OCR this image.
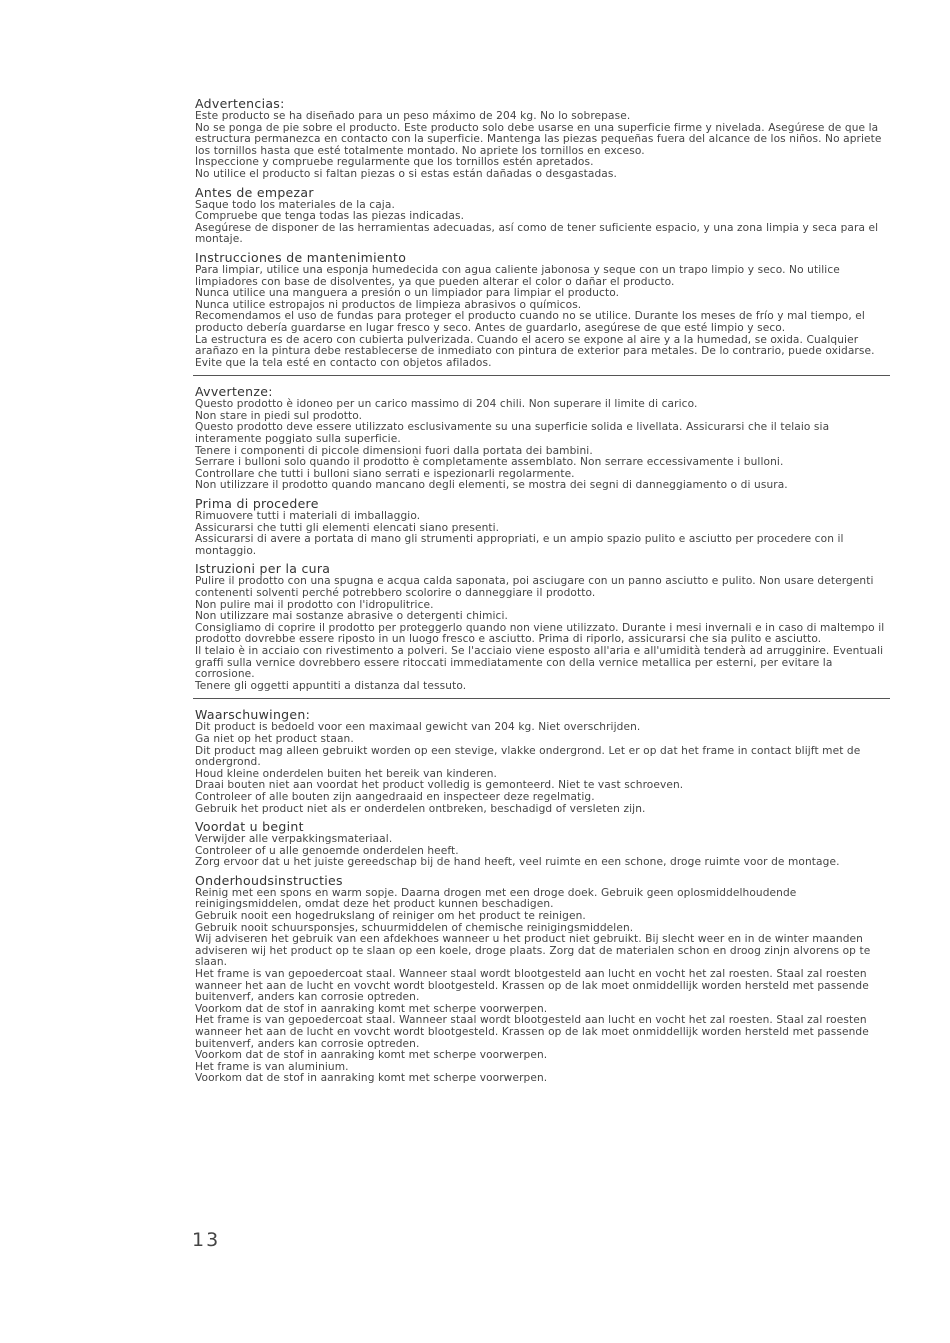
Advertencias:
Este producto se ha diseñado para un peso máximo de 204 kg. No lo sobrepase.
No se ponga de pie sobre el producto. Este producto solo debe usarse en una superficie firme y nivelada. Asegúrese de que la estructura permanezca en contacto con la superficie. Mantenga las piezas pequeñas fuera del alcance de los niños. No apriete los tornillos hasta que esté totalmente montado. No apriete los tornillos en exceso.
Inspeccione y compruebe regularmente que los tornillos estén apretados.
No utilice el producto si faltan piezas o si estas están dañadas o desgastadas.
Antes de empezar
Saque todo los materiales de la caja.
Compruebe que tenga todas las piezas indicadas.
Asegúrese de disponer de las herramientas adecuadas, así como de tener suficiente espacio, y una zona limpia y seca para el montaje.
Instrucciones de mantenimiento
Para limpiar, utilice una esponja humedecida con agua caliente jabonosa y seque con un trapo limpio y seco. No utilice limpiadores con base de disolventes, ya que pueden alterar el color o dañar el producto.
Nunca utilice una manguera a presión o un limpiador para limpiar el producto.
Nunca utilice estropajos ni productos de limpieza abrasivos o químicos.
Recomendamos el uso de fundas para proteger el producto cuando no se utilice. Durante los meses de frío y mal tiempo, el producto debería guardarse en lugar fresco y seco. Antes de guardarlo, asegúrese de que esté limpio y seco.
La estructura es de acero con cubierta pulverizada. Cuando el acero se expone al aire y a la humedad, se oxida. Cualquier arañazo en la pintura debe restablecerse de inmediato con pintura de exterior para metales. De lo contrario, puede oxidarse. Evite que la tela esté en contacto con objetos afilados.
Avvertenze:
Questo prodotto è idoneo per un carico massimo di 204 chili. Non superare il limite di carico.
Non stare in piedi sul prodotto.
Questo prodotto deve essere utilizzato esclusivamente su una superficie solida e livellata. Assicurarsi che il telaio sia interamente poggiato sulla superficie.
Tenere i componenti di piccole dimensioni fuori dalla portata dei bambini.
Serrare i bulloni solo quando il prodotto è completamente assemblato. Non serrare eccessivamente i bulloni.
Controllare che tutti i bulloni siano serrati e ispezionarli regolarmente.
Non utilizzare il prodotto quando mancano degli elementi, se mostra dei segni di danneggiamento o di usura.
Prima di procedere
Rimuovere tutti i materiali di imballaggio.
Assicurarsi che tutti gli elementi elencati siano presenti.
Assicurarsi di avere a portata di mano gli strumenti appropriati, e un ampio spazio pulito e asciutto per procedere con il montaggio.
Istruzioni per la cura
Pulire il prodotto con una spugna e acqua calda saponata, poi asciugare con un panno asciutto e pulito. Non usare detergenti contenenti solventi perché potrebbero scolorire o danneggiare il prodotto.
Non pulire mai il prodotto con l'idropulitrice.
Non utilizzare mai sostanze abrasive o detergenti chimici.
Consigliamo di coprire il prodotto per proteggerlo quando non viene utilizzato. Durante i mesi invernali e in caso di maltempo il prodotto dovrebbe essere riposto in un luogo fresco e asciutto. Prima di riporlo, assicurarsi che sia pulito e asciutto.
Il telaio è in acciaio con rivestimento a polveri. Se l'acciaio viene esposto all'aria e all'umidità tenderà ad arrugginire. Eventuali graffi sulla vernice dovrebbero essere ritoccati immediatamente con della vernice metallica per esterni, per evitare la corrosione.
Tenere gli oggetti appuntiti a distanza dal tessuto.
Waarschuwingen:
Dit product is bedoeld voor een maximaal gewicht van 204 kg. Niet overschrijden.
Ga niet op het product staan.
Dit product mag alleen gebruikt worden op een stevige, vlakke ondergrond. Let er op dat het frame in contact blijft met de ondergrond.
Houd kleine onderdelen buiten het bereik van kinderen.
Draai bouten niet aan voordat het product volledig is gemonteerd. Niet te vast schroeven.
Controleer of alle bouten zijn aangedraaid en inspecteer deze regelmatig.
Gebruik het product niet als er onderdelen ontbreken, beschadigd of versleten zijn.
Voordat u begint
Verwijder alle verpakkingsmateriaal.
Controleer of u alle genoemde onderdelen heeft.
Zorg ervoor dat u het juiste gereedschap bij de hand heeft, veel ruimte en een schone, droge ruimte voor de montage.
Onderhoudsinstructies
Reinig met een spons en warm sopje. Daarna drogen met een droge doek. Gebruik geen oplosmiddelhoudende reinigingsmiddelen, omdat deze het product kunnen beschadigen.
Gebruik nooit een hogedrukslang of reiniger om het product te reinigen.
Gebruik nooit schuursponsjes, schuurmiddelen of chemische reinigingsmiddelen.
Wij adviseren het gebruik van een afdekhoes wanneer u het product niet gebruikt. Bij slecht weer en in de winter maanden adviseren wij het product op te slaan op een koele, droge plaats. Zorg dat de materialen schon en droog zinjn alvorens op te slaan.
Het frame is van gepoedercoat staal. Wanneer staal wordt blootgesteld aan lucht en vocht het zal roesten. Staal zal roesten wanneer het aan de lucht en vovcht wordt blootgesteld. Krassen op de lak moet onmiddellijk worden hersteld met passende buitenverf, anders kan corrosie optreden.
Voorkom dat de stof in aanraking komt met scherpe voorwerpen.
Het frame is van gepoedercoat staal. Wanneer staal wordt blootgesteld aan lucht en vocht het zal roesten. Staal zal roesten wanneer het aan de lucht en vovcht wordt blootgesteld. Krassen op de lak moet onmiddellijk worden hersteld met passende buitenverf, anders kan corrosie optreden.
Voorkom dat de stof in aanraking komt met scherpe voorwerpen.
Het frame is van aluminium.
Voorkom dat de stof in aanraking komt met scherpe voorwerpen.
13
